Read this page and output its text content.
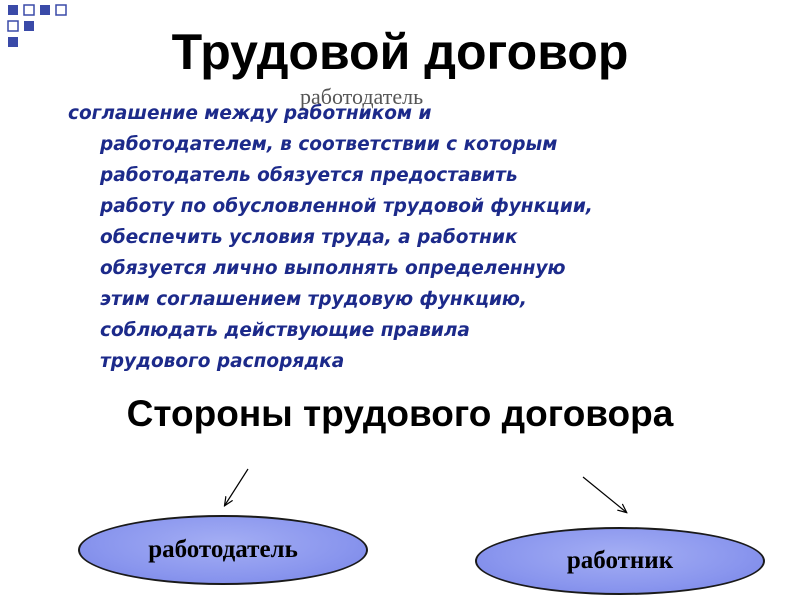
Трудовой договор
работодатель

соглашение между работником и
работодателем, в соответствии с которым
работодатель обязуется предоставить
работу по обусловленной трудовой функции,
обеспечить условия труда, а работник
обязуется лично выполнять определенную
этим соглашением трудовую функцию,
соблюдать действующие правила
трудового распорядка

Стороны трудового договора
работодатель	работник
